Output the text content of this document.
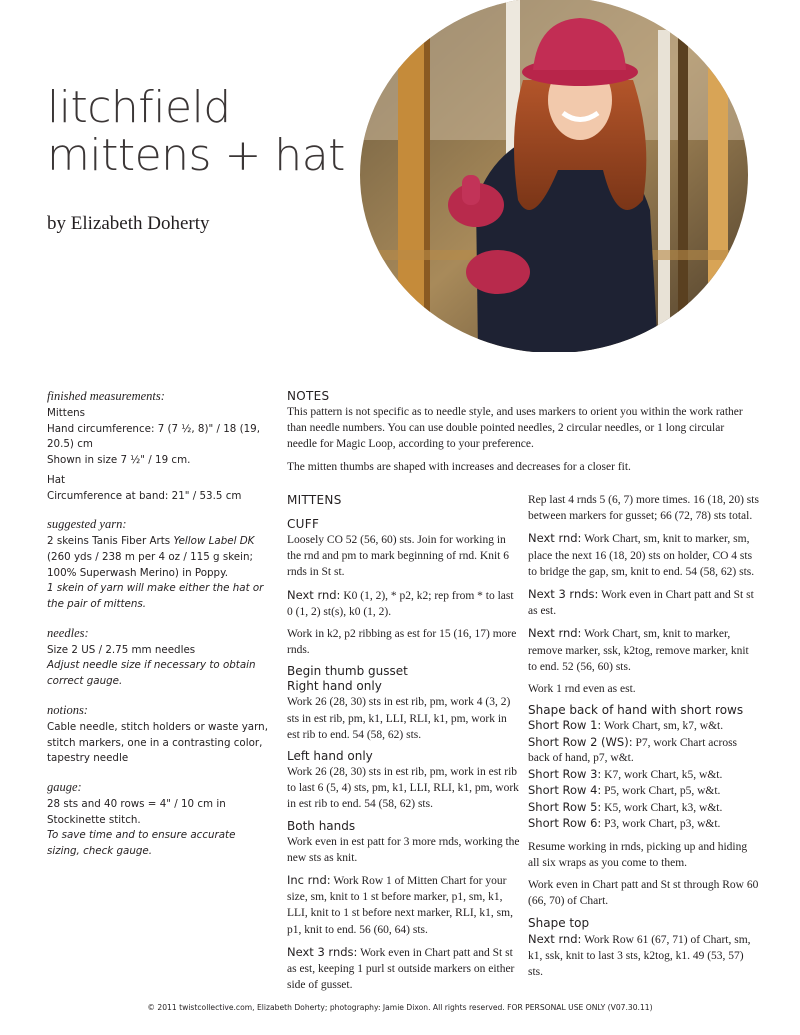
litchfield
mittens + hat
by Elizabeth Doherty
finished measurements:

Mittens

Hand circumference: 7 (7 ½, 8)" / 18 (19, 20.5) cm

Shown in size 7 ½" / 19 cm.

Hat

Circumference at band: 21" / 53.5 cm

suggested yarn:

2 skeins Tanis Fiber Arts Yellow Label DK (260 yds / 238 m per 4 oz / 115 g skein; 100% Superwash Merino) in Poppy.

1 skein of yarn will make either the hat or the pair of mittens.

needles:

Size 2 US / 2.75 mm needles

Adjust needle size if necessary to obtain correct gauge.

notions:

Cable needle, stitch holders or waste yarn, stitch markers, one in a contrasting color, tapestry needle

gauge:

28 sts and 40 rows = 4" / 10 cm in Stockinette stitch.

To save time and to ensure accurate sizing, check gauge.

NOTES

This pattern is not specific as to needle style, and uses markers to orient you within the work rather than needle numbers. You can use double pointed needles, 2 circular needles, or 1 long circular needle for Magic Loop, according to your preference.

The mitten thumbs are shaped with increases and decreases for a closer fit.

MITTENS
CUFF

Loosely CO 52 (56, 60) sts. Join for working in the rnd and pm to mark beginning of rnd. Knit 6 rnds in St st.

Next rnd: K0 (1, 2), * p2, k2; rep from * to last 0 (1, 2) st(s), k0 (1, 2).

Work in k2, p2 ribbing as est for 15 (16, 17) more rnds.

Begin thumb gusset
Right hand only

Work 26 (28, 30) sts in est rib, pm, work 4 (3, 2) sts in est rib, pm, k1, LLI, RLI, k1, pm, work in est rib to end. 54 (58, 62) sts.

Left hand only

Work 26 (28, 30) sts in est rib, pm, work in est rib to last 6 (5, 4) sts, pm, k1, LLI, RLI, k1, pm, work in est rib to end. 54 (58, 62) sts.

Both hands

Work even in est patt for 3 more rnds, working the new sts as knit.

Inc rnd: Work Row 1 of Mitten Chart for your size, sm, knit to 1 st before marker, p1, sm, k1, LLI, knit to 1 st before next marker, RLI, k1, sm, p1, knit to end. 56 (60, 64) sts.

Next 3 rnds: Work even in Chart patt and St st as est, keeping 1 purl st outside markers on either side of gusset.

Rep last 4 rnds 5 (6, 7) more times. 16 (18, 20) sts between markers for gusset; 66 (72, 78) sts total.

Next rnd: Work Chart, sm, knit to marker, sm, place the next 16 (18, 20) sts on holder, CO 4 sts to bridge the gap, sm, knit to end. 54 (58, 62) sts.

Next 3 rnds: Work even in Chart patt and St st as est.

Next rnd: Work Chart, sm, knit to marker, remove marker, ssk, k2tog, remove marker, knit to end. 52 (56, 60) sts.

Work 1 rnd even as est.

Shape back of hand with short rows

Short Row 1: Work Chart, sm, k7, w&t.

Short Row 2 (WS): P7, work Chart across back of hand, p7, w&t.

Short Row 3: K7, work Chart, k5, w&t.

Short Row 4: P5, work Chart, p5, w&t.

Short Row 5: K5, work Chart, k3, w&t.

Short Row 6: P3, work Chart, p3, w&t.

Resume working in rnds, picking up and hiding all six wraps as you come to them.

Work even in Chart patt and St st through Row 60 (66, 70) of Chart.

Shape top

Next rnd: Work Row 61 (67, 71) of Chart, sm, k1, ssk, knit to last 3 sts, k2tog, k1. 49 (53, 57) sts.

© 2011 twistcollective.com, Elizabeth Doherty; photography: Jamie Dixon. All rights reserved. FOR PERSONAL USE ONLY (V07.30.11)
